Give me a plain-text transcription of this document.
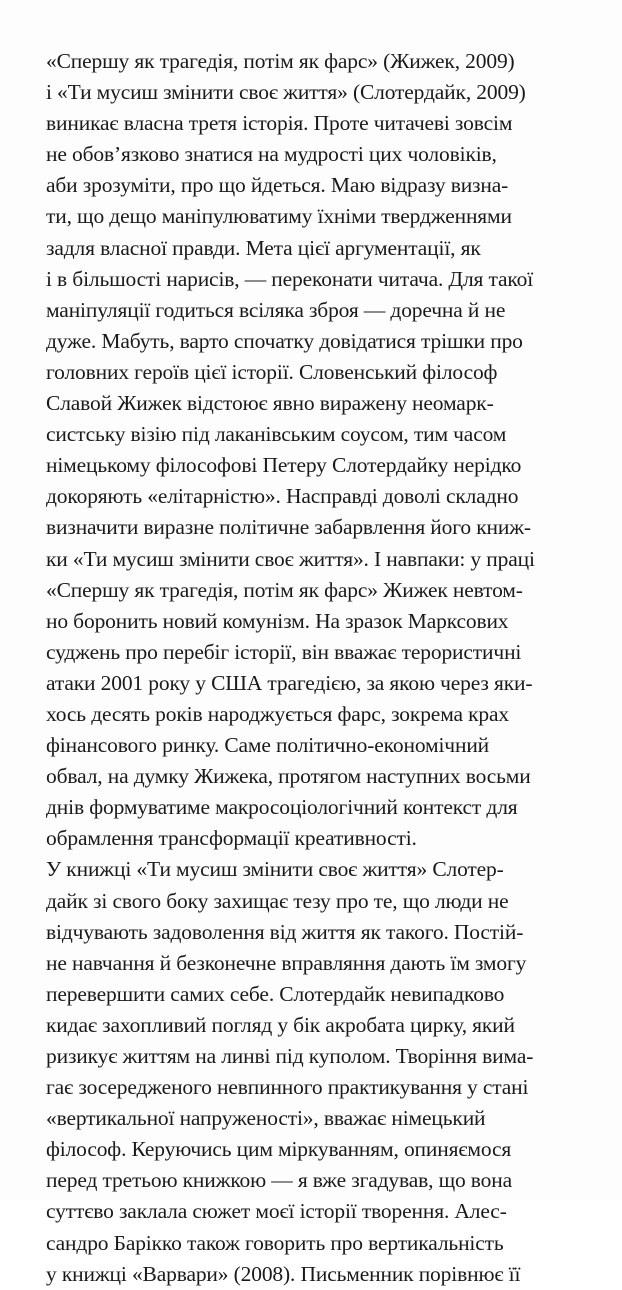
«Спершу як трагедія, потім як фарс» (Жижек, 2009)
і «Ти мусиш змінити своє життя» (Слотердайк, 2009)
виникає власна третя історія. Проте читачеві зовсім
не обов’язково знатися на мудрості цих чоловіків,
аби зрозуміти, про що йдеться. Маю відразу визна-
ти, що дещо маніпулюватиму їхніми твердженнями
задля власної правди. Мета цієї аргументації, як
і в більшості нарисів, — переконати читача. Для такої
маніпуляції годиться всіляка зброя — доречна й не
дуже. Мабуть, варто спочатку довідатися трішки про
головних героїв цієї історії. Словенський філософ
Славой Жижек відстоює явно виражену неомарк-
систську візію під лаканівським соусом, тим часом
німецькому філософові Петеру Слотердайку нерідко
докоряють «елітарністю». Насправді доволі складно
визначити виразне політичне забарвлення його книж-
ки «Ти мусиш змінити своє життя». І навпаки: у праці
«Спершу як трагедія, потім як фарс» Жижек невтом-
но боронить новий комунізм. На зразок Марксових
суджень про перебіг історії, він вважає терористичні
атаки 2001 року у США трагедією, за якою через яки-
хось десять років народжується фарс, зокрема крах
фінансового ринку. Саме політично-економічний
обвал, на думку Жижека, протягом наступних восьми
днів формуватиме макросоціологічний контекст для
обрамлення трансформації креативності.
У книжці «Ти мусиш змінити своє життя» Слотер-
дайк зі свого боку захищає тезу про те, що люди не
відчувають задоволення від життя як такого. Постій-
не навчання й безконечне вправляння дають їм змогу
перевершити самих себе. Слотердайк невипадково
кидає захопливий погляд у бік акробата цирку, який
ризикує життям на линві під куполом. Творіння вима-
гає зосередженого невпинного практикування у стані
«вертикальної напруженості», вважає німецький
філософ. Керуючись цим міркуванням, опиняємося
перед третьою книжкою — я вже згадував, що вона
суттєво заклала сюжет моєї історії творення. Алес-
сандро Барікко також говорить про вертикальність
у книжці «Варвари» (2008). Письменник порівнює її
